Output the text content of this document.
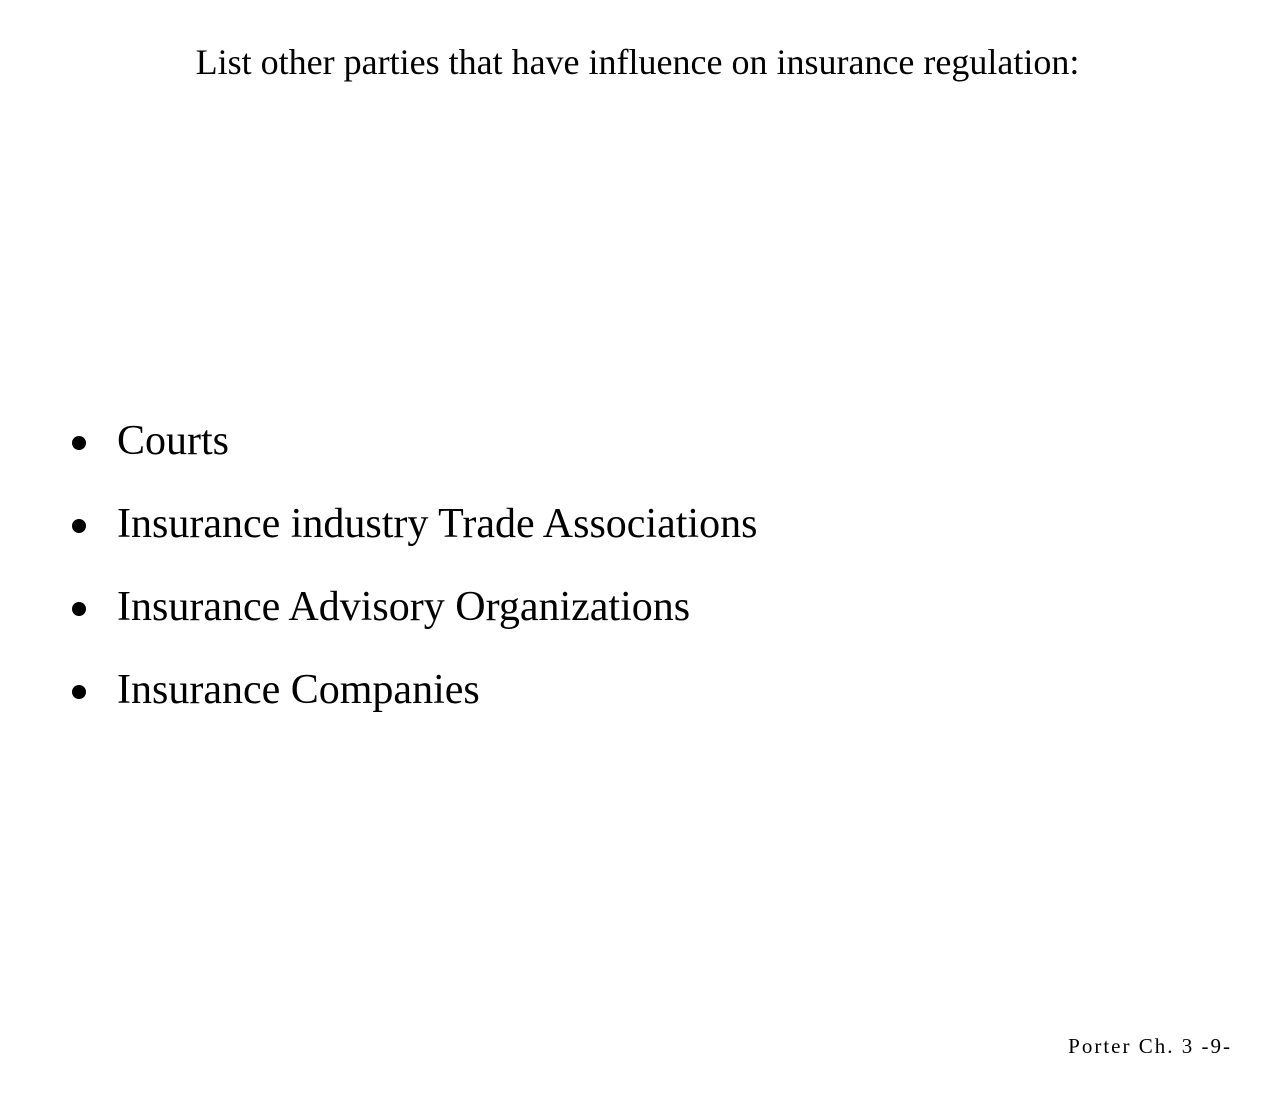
List other parties that have influence on insurance regulation:
Courts
Insurance industry Trade Associations
Insurance Advisory Organizations
Insurance Companies
Porter Ch. 3 -9-
